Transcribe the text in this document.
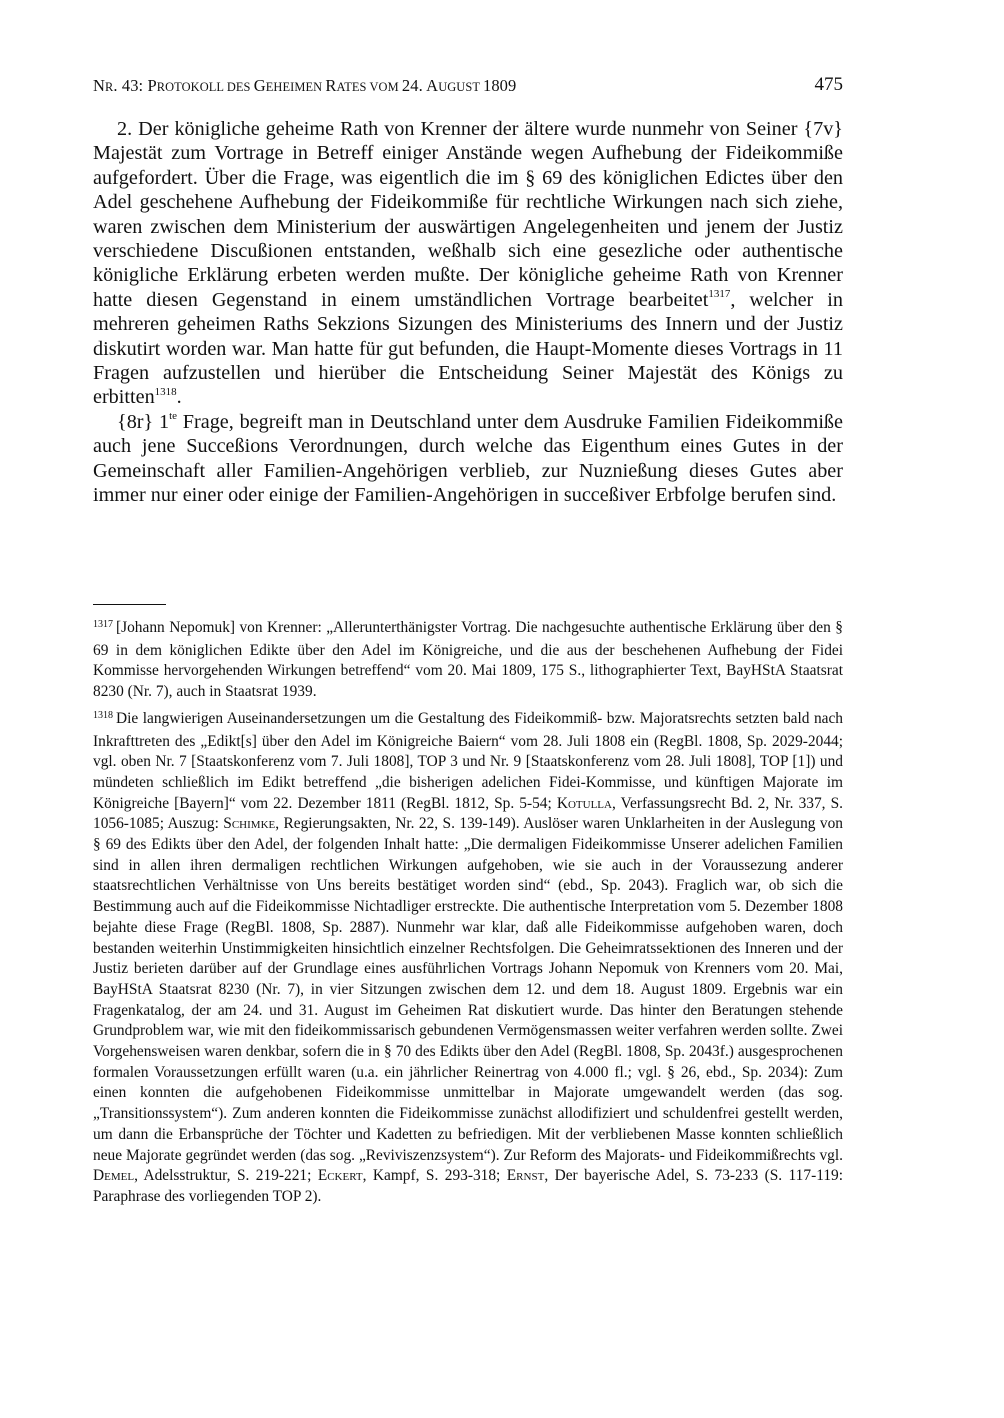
NR. 43: PROTOKOLL DES GEHEIMEN RATES VOM 24. AUGUST 1809	475

2. Der königliche geheime Rath von Krenner der ältere wurde nunmehr von Seiner {7v} Majestät zum Vortrage in Betreff einiger Anstände wegen Aufhebung der Fideikommiße aufgefordert. Über die Frage, was eigentlich die im § 69 des königlichen Edictes über den Adel geschehene Aufhebung der Fideikommiße für rechtliche Wirkungen nach sich ziehe, waren zwischen dem Ministerium der auswärtigen Angelegenheiten und jenem der Justiz verschiedene Discußionen entstanden, weßhalb sich eine gesezliche oder authentische königliche Erklärung erbeten werden mußte. Der königliche geheime Rath von Krenner hatte diesen Gegenstand in einem umständlichen Vortrage bearbeitet$^{1317}$, welcher in mehreren geheimen Raths Sekzions Sizungen des Ministeriums des Innern und der Justiz diskutirt worden war. Man hatte für gut befunden, die Haupt-Momente dieses Vortrags in 11 Fragen aufzustellen und hierüber die Entscheidung Seiner Majestät des Königs zu erbitten$^{1318}$.

{8r} $1^{te}$ Frage, begreift man in Deutschland unter dem Ausdruke Familien Fideikommiße auch jene Succeßions Verordnungen, durch welche das Eigenthum eines Gutes in der Gemeinschaft aller Familien-Angehörigen verblieb, zur Nuznießung dieses Gutes aber immer nur einer oder einige der Familien-Angehörigen in succeßiver Erbfolge berufen sind.

$^{1317}$ [Johann Nepomuk] von Krenner: „Allerunterthänigster Vortrag. Die nachgesuchte authentische Erklärung über den § 69 in dem königlichen Edikte über den Adel im Königreiche, und die aus der beschehenen Aufhebung der Fidei Kommisse hervorgehenden Wirkungen betreffend“ vom 20. Mai 1809, 175 S., lithographierter Text, BayHStA Staatsrat 8230 (Nr. 7), auch in Staatsrat 1939.

$^{1318}$ Die langwierigen Auseinandersetzungen um die Gestaltung des Fideikommiß- bzw. Majoratsrechts setzten bald nach Inkrafttreten des „Edikt[s] über den Adel im Königreiche Baiern“ vom 28. Juli 1808 ein (RegBl. 1808, Sp. 2029-2044; vgl. oben Nr. 7 [Staatskonferenz vom 7. Juli 1808], TOP 3 und Nr. 9 [Staatskonferenz vom 28. Juli 1808], TOP [1]) und mündeten schließlich im Edikt betreffend „die bisherigen adelichen Fidei-Kommisse, und künftigen Majorate im Königreiche [Bayern]“ vom 22. Dezember 1811 (RegBl. 1812, Sp. 5-54; Kotulla, Verfassungsrecht Bd. 2, Nr. 337, S. 1056-1085; Auszug: Schimke, Regierungsakten, Nr. 22, S. 139-149). Auslöser waren Unklarheiten in der Auslegung von § 69 des Edikts über den Adel, der folgenden Inhalt hatte: „Die dermaligen Fideikommisse Unserer adelichen Familien sind in allen ihren dermaligen rechtlichen Wirkungen aufgehoben, wie sie auch in der Voraussezung anderer staatsrechtlichen Verhältnisse von Uns bereits bestätiget worden sind“ (ebd., Sp. 2043). Fraglich war, ob sich die Bestimmung auch auf die Fideikommisse Nichtadliger erstreckte. Die authentische Interpretation vom 5. Dezember 1808 bejahte diese Frage (RegBl. 1808, Sp. 2887). Nunmehr war klar, daß alle Fideikommisse aufgehoben waren, doch bestanden weiterhin Unstimmigkeiten hinsichtlich einzelner Rechtsfolgen. Die Geheimratssektionen des Inneren und der Justiz berieten darüber auf der Grundlage eines ausführlichen Vortrags Johann Nepomuk von Krenners vom 20. Mai, BayHStA Staatsrat 8230 (Nr. 7), in vier Sitzungen zwischen dem 12. und dem 18. August 1809. Ergebnis war ein Fragenkatalog, der am 24. und 31. August im Geheimen Rat diskutiert wurde. Das hinter den Beratungen stehende Grundproblem war, wie mit den fideikommissarisch gebundenen Vermögensmassen weiter verfahren werden sollte. Zwei Vorgehensweisen waren denkbar, sofern die in § 70 des Edikts über den Adel (RegBl. 1808, Sp. 2043f.) ausgesprochenen formalen Voraussetzungen erfüllt waren (u.a. ein jährlicher Reinertrag von 4.000 fl.; vgl. § 26, ebd., Sp. 2034): Zum einen konnten die aufgehobenen Fideikommisse unmittelbar in Majorate umgewandelt werden (das sog. „Transitionssystem“). Zum anderen konnten die Fideikommisse zunächst allodifiziert und schuldenfrei gestellt werden, um dann die Erbansprüche der Töchter und Kadetten zu befriedigen. Mit der verbliebenen Masse konnten schließlich neue Majorate gegründet werden (das sog. „Reviviszenzsystem“). Zur Reform des Majorats- und Fideikommißrechts vgl. Demel, Adelsstruktur, S. 219-221; Eckert, Kampf, S. 293-318; Ernst, Der bayerische Adel, S. 73-233 (S. 117-119: Paraphrase des vorliegenden TOP 2).
